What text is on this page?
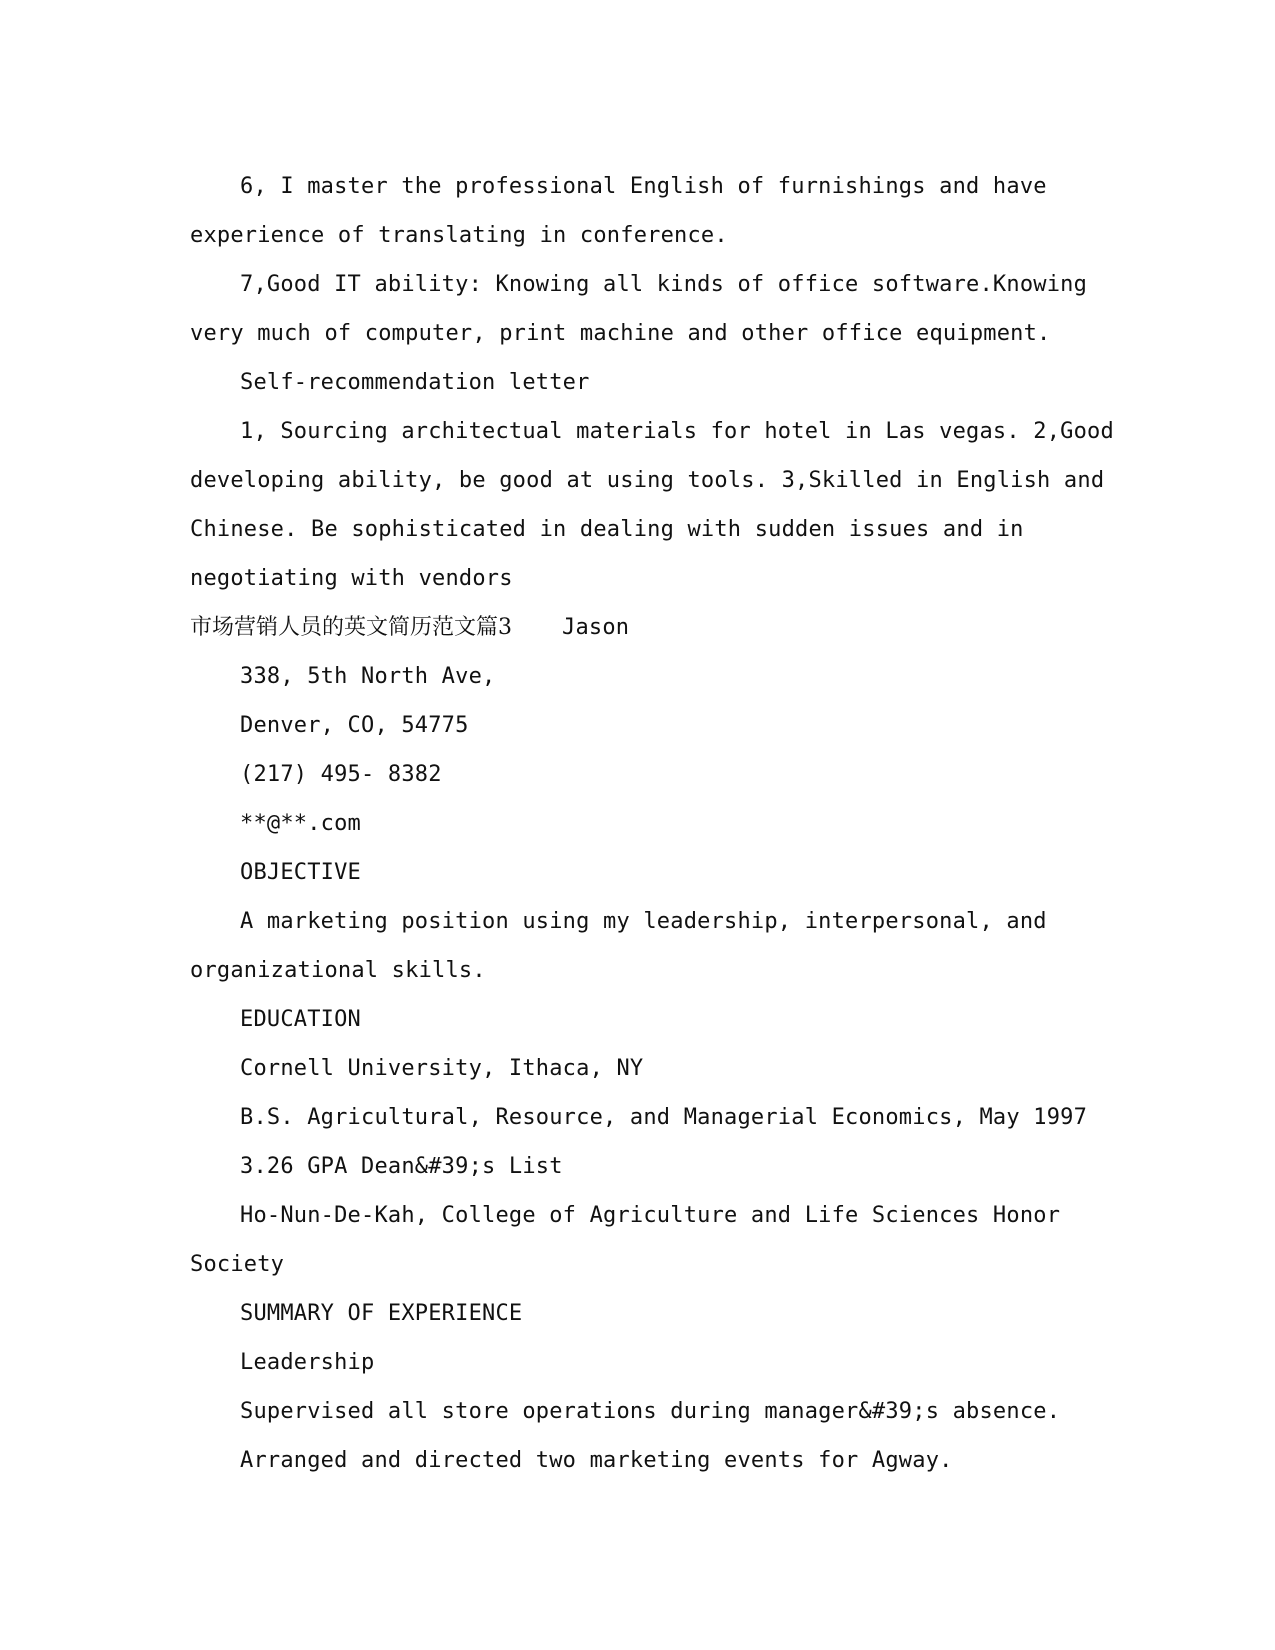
6, I master the professional English of furnishings and have
experience of translating in conference.
7,Good IT ability: Knowing all kinds of office software.Knowing
very much of computer, print machine and other office equipment.
Self-recommendation letter
1, Sourcing architectual materials for hotel in Las vegas. 2,Good
developing ability, be good at using tools. 3,Skilled in English and
Chinese. Be sophisticated in dealing with sudden issues and in
negotiating with vendors
市场营销人员的英文简历范文篇3 Jason
338, 5th North Ave,
Denver, CO, 54775
(217) 495- 8382
**@**.com
OBJECTIVE
A marketing position using my leadership, interpersonal, and
organizational skills.
EDUCATION
Cornell University, Ithaca, NY
B.S. Agricultural, Resource, and Managerial Economics, May 1997
3.26 GPA Dean&#39;s List
Ho-Nun-De-Kah, College of Agriculture and Life Sciences Honor
Society
SUMMARY OF EXPERIENCE
Leadership
Supervised all store operations during manager&#39;s absence.
Arranged and directed two marketing events for Agway.
